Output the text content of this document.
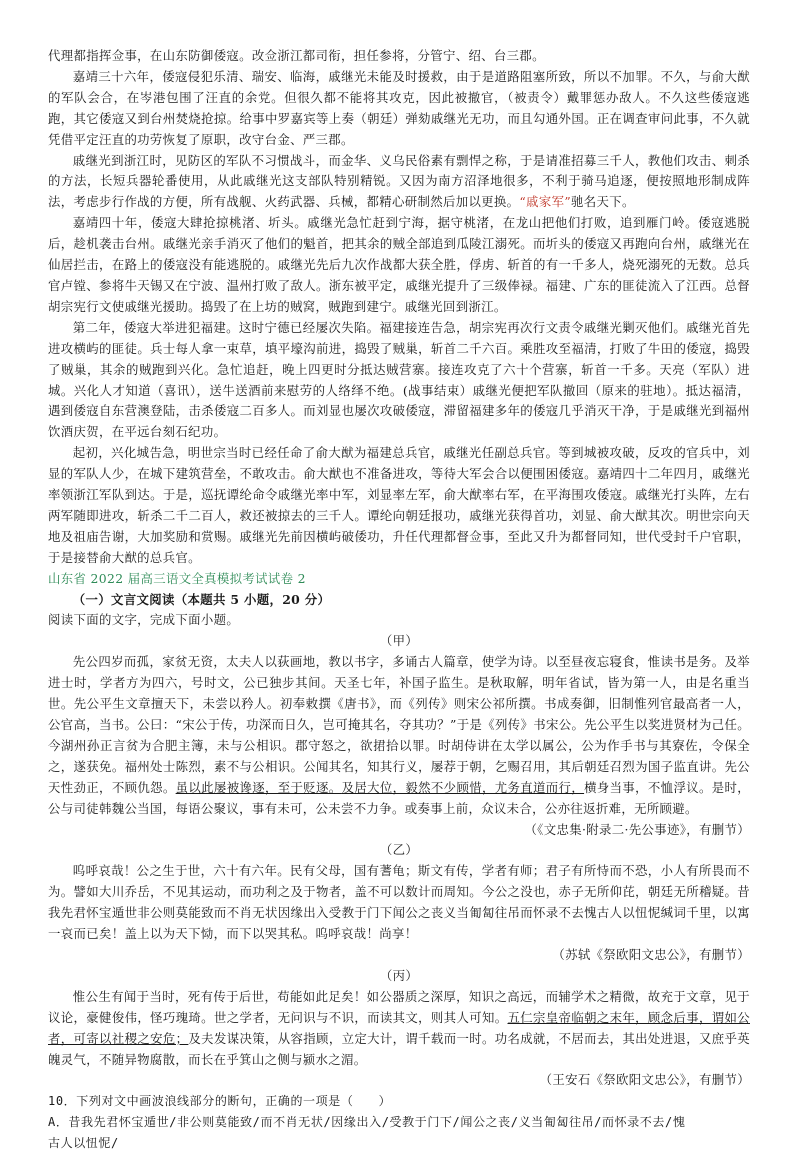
代理都指挥佥事，在山东防御倭寇。改佥浙江都司衔，担任参将，分管宁、绍、台三郡。

嘉靖三十六年，倭寇侵犯乐清、瑞安、临海，戚继光未能及时援救，由于是道路阻塞所致，所以不加罪。不久，与俞大猷的军队会合，在岑港包围了汪直的余党。但很久都不能将其攻克，因此被撤官，（被责令）戴罪惩办敌人。不久这些倭寇逃跑，其它倭寇又到台州焚烧抢掠。给事中罗嘉宾等上奏（朝廷）弹劾戚继光无功，而且勾通外国。正在调查审问此事，不久就凭借平定汪直的功劳恢复了原职，改守台金、严三郡。

戚继光到浙江时，见防区的军队不习惯战斗，而金华、义乌民俗素有剽悍之称，于是请准招募三千人，教他们攻击、刺杀的方法，长短兵器轮番使用，从此戚继光这支部队特别精锐。又因为南方沼泽地很多，不利于骑马追逐，便按照地形制成阵法，考虑步行作战的方便，所有战舰、火药武器、兵械，都精心研制然后加以更换。“戚家军”驰名天下。

嘉靖四十年，倭寇大肆抢掠桃渚、圻头。戚继光急忙赶到宁海，据守桃渚，在龙山把他们打败，追到雁门岭。倭寇逃脱后，趁机袭击台州。戚继光亲手消灭了他们的魁首，把其余的贼全部追到瓜陵江溺死。而圻头的倭寇又再跑向台州，戚继光在仙居拦击，在路上的倭寇没有能逃脱的。戚继光先后九次作战都大获全胜，俘虏、斩首的有一千多人，烧死溺死的无数。总兵官卢镗、参将牛天锡又在宁波、温州打败了敌人。浙东被平定，戚继光提升了三级俸禄。福建、广东的匪徒流入了江西。总督胡宗宪行文使戚继光援助。捣毁了在上坊的贼窝，贼跑到建宁。戚继光回到浙江。

第二年，倭寇大举进犯福建。这时宁德已经屡次失陷。福建接连告急，胡宗宪再次行文责令戚继光剿灭他们。戚继光首先进攻横屿的匪徒。兵士每人拿一束草，填平壕沟前进，捣毁了贼巢，斩首二千六百。乘胜攻至福清，打败了牛田的倭寇，捣毁了贼巢，其余的贼跑到兴化。急忙追赶，晚上四更时分抵达贼营寨。接连攻克了六十个营寨，斩首一千多。天亮（军队）进城。兴化人才知道（喜讯），送牛送酒前来慰劳的人络绎不绝。(战事结束）戚继光便把军队撤回（原来的驻地）。抵达福清，遇到倭寇自东营澳登陆，击杀倭寇二百多人。而刘显也屡次攻破倭寇，滞留福建多年的倭寇几乎消灭干净，于是戚继光到福州饮酒庆贺，在平远台刻石纪功。

起初，兴化城告急，明世宗当时已经任命了俞大猷为福建总兵官，戚继光任副总兵官。等到城被攻破，反攻的官兵中，刘显的军队人少，在城下建筑营垒，不敢攻击。俞大猷也不准备进攻，等待大军会合以便围困倭寇。嘉靖四十二年四月，戚继光率领浙江军队到达。于是，巡抚谭纶命令戚继光率中军，刘显率左军，俞大猷率右军，在平海围攻倭寇。戚继光打头阵，左右两军随即进攻，斩杀二千二百人，救还被掠去的三千人。谭纶向朝廷报功，戚继光获得首功，刘显、俞大猷其次。明世宗向天地及祖庙告谢，大加奖励和赏赐。戚继光先前因横屿破倭功，升任代理都督佥事，至此又升为都督同知，世代受封千户官职，于是接替俞大猷的总兵官。

山东省 2022 届高三语文全真模拟考试试卷 2

（一）文言文阅读（本题共 5 小题，20 分）

阅读下面的文字，完成下面小题。

（甲）

先公四岁而孤，家贫无资，太夫人以荻画地，教以书字，多诵古人篇章，使学为诗。以至昼夜忘寝食，惟读书是务。及举进士时，学者方为四六，号时文，公已独步其间。天圣七年，补国子监生。是秋取解，明年省试，皆为第一人，由是名重当世。先公平生文章擅天下，未尝以矜人。初奉敕撰《唐书》，而《列传》则宋公祁所撰。书成奏御，旧制惟列官最高者一人，公官高，当书。公曰：“宋公于传，功深而日久，岂可掩其名，夺其功？”于是《列传》书宋公。先公平生以奖进贤材为己任。今湖州孙正言贫为合肥主簿，未与公相识。郡守怒之，欲捃拾以罪。时胡侍讲在太学以属公，公为作手书与其寮佐，令保全之，遂获免。福州处士陈烈，素不与公相识。公闻其名，知其行义，屡荐于朝，乞赐召用，其后朝廷召烈为国子监直讲。先公天性劲正，不顾仇怨。虽以此屡被谗逐，至于贬逐。及居大位，毅然不少顾惜，尤务直道而行，横身当事，不恤浮议。是时，公与司徒韩魏公当国，每语公聚议，事有未可，公未尝不力争。或奏事上前，众议未合，公亦往返折难，无所顾避。

（《文忠集·附录二·先公事迹》，有删节）

（乙）

呜呼哀哉！公之生于世，六十有六年。民有父母，国有蓍龟；斯文有传，学者有师；君子有所恃而不恐，小人有所畏而不为。譬如大川乔岳，不见其运动，而功利之及于物者，盖不可以数计而周知。今公之没也，赤子无所仰芘，朝廷无所稽疑。昔我先君怀宝遁世非公则莫能致而不肖无状因缘出入受教于门下闻公之丧义当匍匐往吊而怀录不去愧古人以忸怩缄词千里，以寓一哀而已矣！盖上以为天下恸，而下以哭其私。呜呼哀哉！尚享！

（苏轼《祭欧阳文忠公》，有删节）

（丙）

惟公生有闻于当时，死有传于后世，苟能如此足矣！如公器质之深厚，知识之高远，而辅学术之精微，故充于文章，见于议论，豪健俊伟，怪巧瑰琦。世之学者，无问识与不识，而读其文，则其人可知。五仁宗皇帝临朝之末年，顾念后事，谓如公者，可寄以社稷之安危；及夫发谋决策，从容指顾，立定大计，谓千载而一时。功名成就，不居而去，其出处进退，又庶乎英魄灵气，不随异物腐散，而长在乎箕山之侧与颍水之湄。

（王安石《祭欧阳文忠公》，有删节）

10．下列对文中画波浪线部分的断句，正确的一项是（　　）

A．昔我先君怀宝遁世/非公则莫能致/而不肖无状/因缘出入/受教于门下/闻公之丧/义当匍匐往吊/而怀录不去/愧

古人以忸怩/
